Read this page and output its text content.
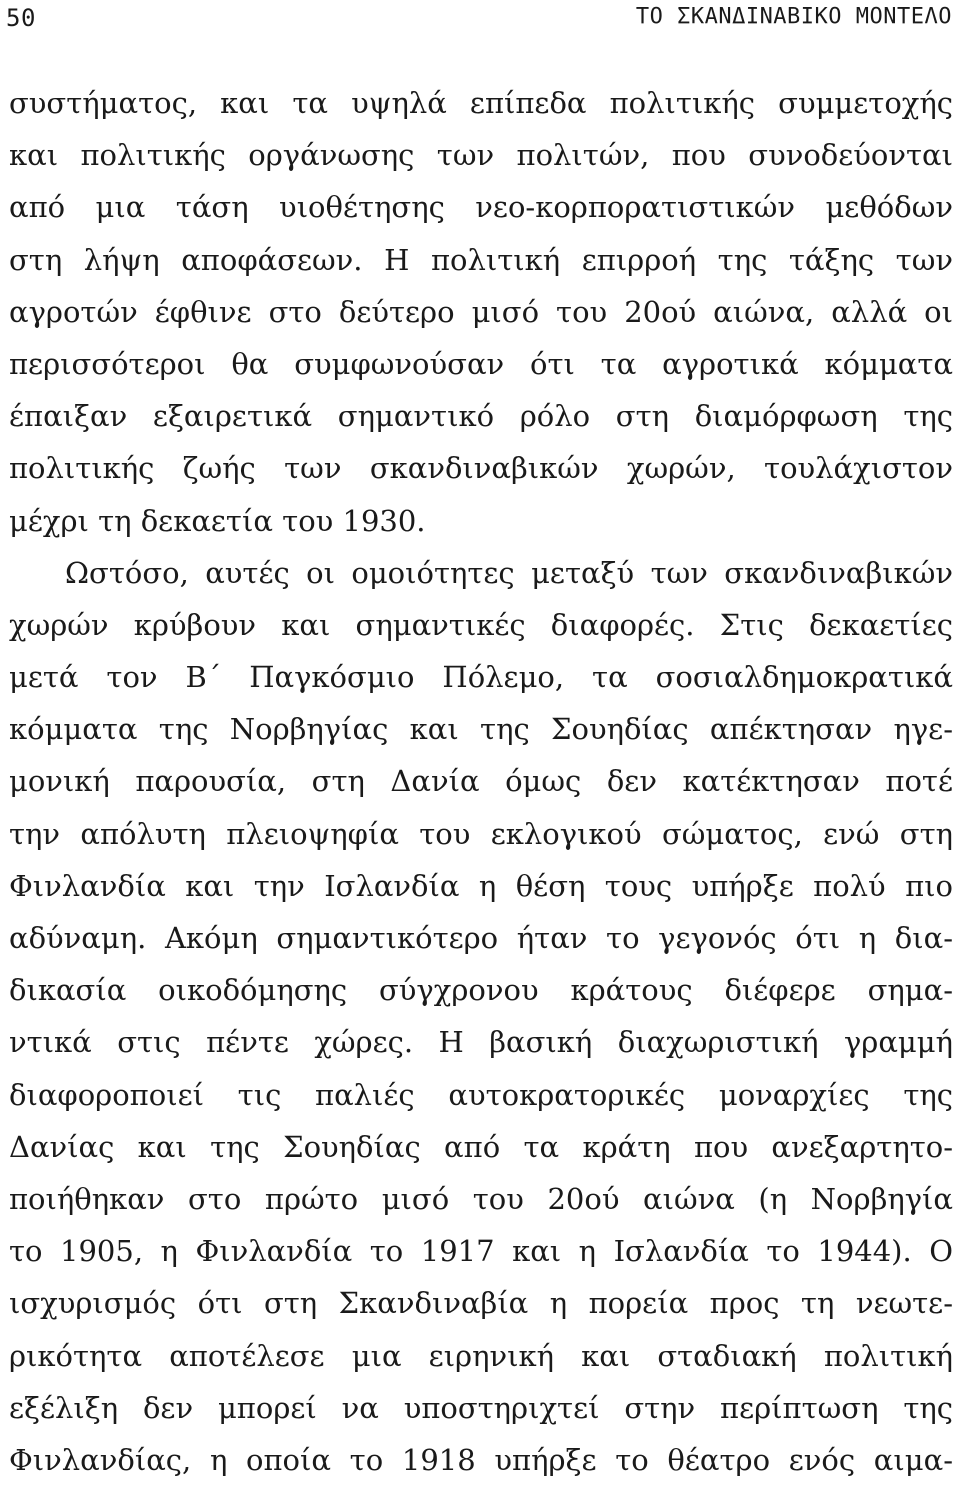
50	ΤΟ ΣΚΑΝΔΙΝΑΒΙΚΟ ΜΟΝΤΕΛΟ
συστήματος, και τα υψηλά επίπεδα πολιτικής συμμετοχής
και πολιτικής οργάνωσης των πολιτών, που συνοδεύονται
από μια τάση υιοθέτησης νεο-κορπορατιστικών μεθόδων
στη λήψη αποφάσεων. Η πολιτική επιρροή της τάξης των
αγροτών έφθινε στο δεύτερο μισό του 20ού αιώνα, αλλά οι
περισσότεροι θα συμφωνούσαν ότι τα αγροτικά κόμματα
έπαιξαν εξαιρετικά σημαντικό ρόλο στη διαμόρφωση της
πολιτικής ζωής των σκανδιναβικών χωρών, τουλάχιστον
μέχρι τη δεκαετία του 1930.
Ωστόσο, αυτές οι ομοιότητες μεταξύ των σκανδιναβικών
χωρών κρύβουν και σημαντικές διαφορές. Στις δεκαετίες
μετά τον Β΄ Παγκόσμιο Πόλεμο, τα σοσιαλδημοκρατικά
κόμματα της Νορβηγίας και της Σουηδίας απέκτησαν ηγε-
μονική παρουσία, στη Δανία όμως δεν κατέκτησαν ποτέ
την απόλυτη πλειοψηφία του εκλογικού σώματος, ενώ στη
Φινλανδία και την Ισλανδία η θέση τους υπήρξε πολύ πιο
αδύναμη. Ακόμη σημαντικότερο ήταν το γεγονός ότι η δια-
δικασία οικοδόμησης σύγχρονου κράτους διέφερε σημα-
ντικά στις πέντε χώρες. Η βασική διαχωριστική γραμμή
διαφοροποιεί τις παλιές αυτοκρατορικές μοναρχίες της
Δανίας και της Σουηδίας από τα κράτη που ανεξαρτητο-
ποιήθηκαν στο πρώτο μισό του 20ού αιώνα (η Νορβηγία
το 1905, η Φινλανδία το 1917 και η Ισλανδία το 1944). Ο
ισχυρισμός ότι στη Σκανδιναβία η πορεία προς τη νεωτε-
ρικότητα αποτέλεσε μια ειρηνική και σταδιακή πολιτική
εξέλιξη δεν μπορεί να υποστηριχτεί στην περίπτωση της
Φινλανδίας, η οποία το 1918 υπήρξε το θέατρο ενός αιμα-
